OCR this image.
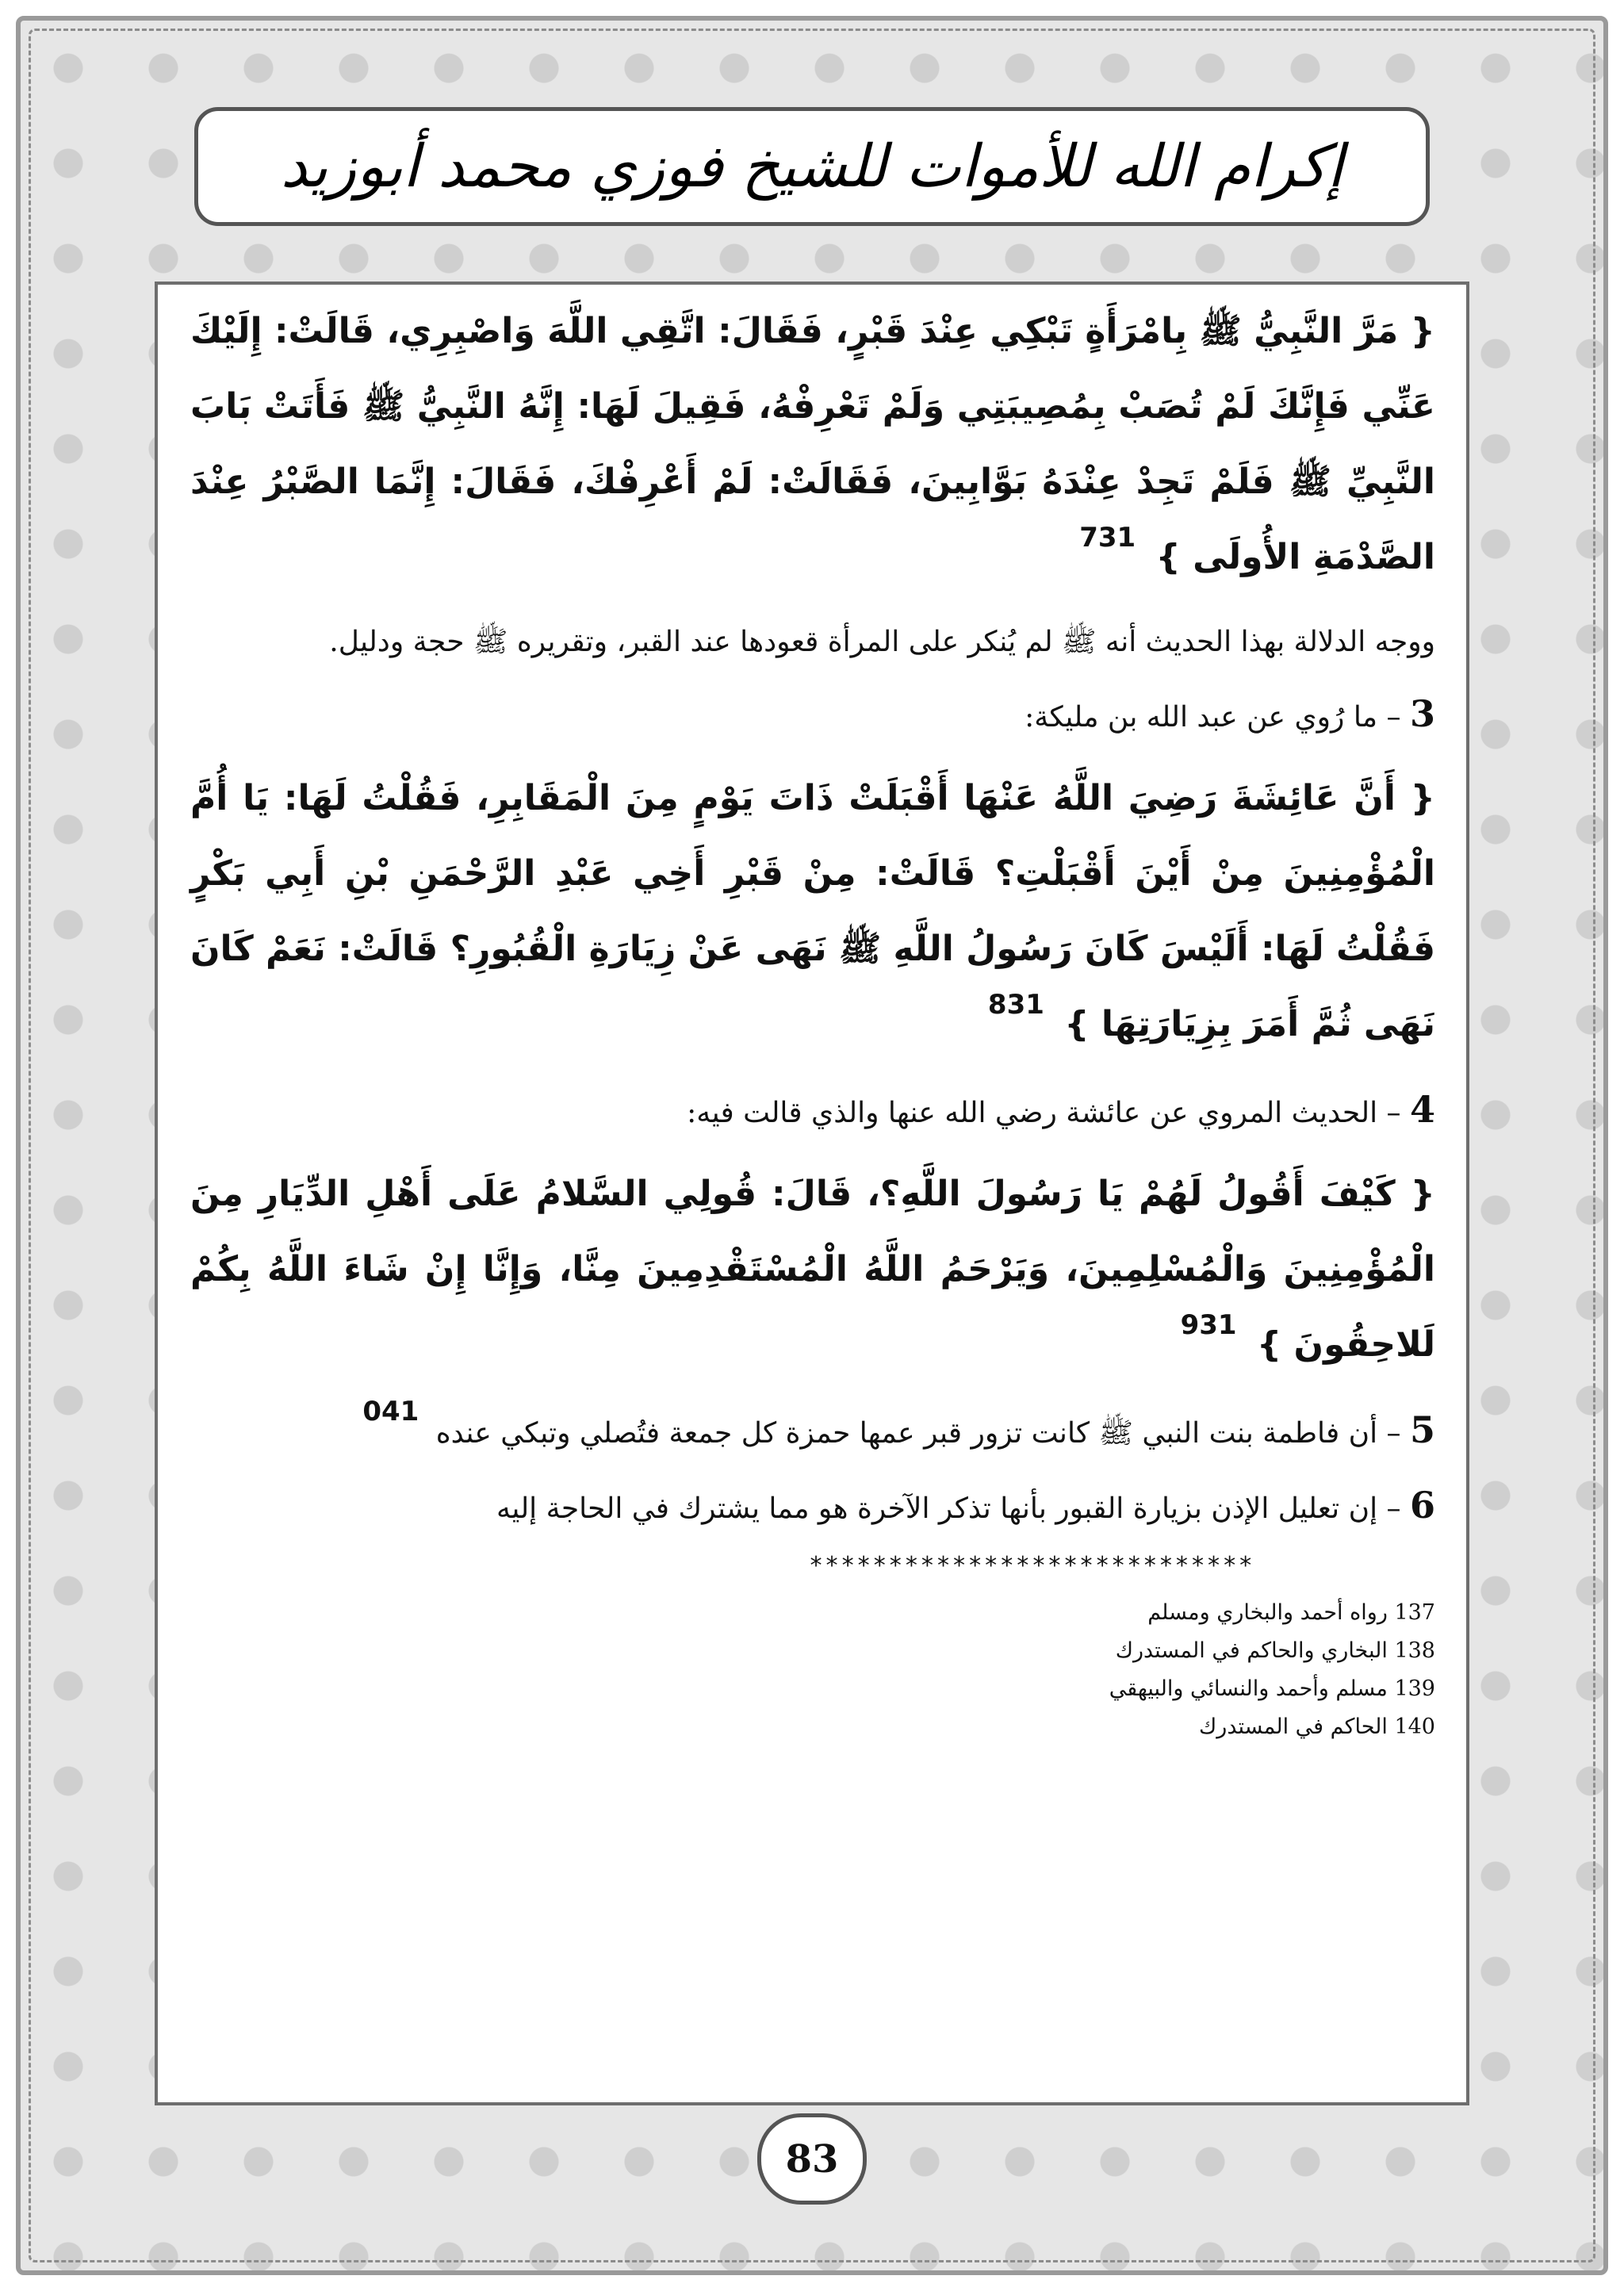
إكرام الله للأموات للشيخ فوزي محمد أبوزيد

{ مَرَّ النَّبِيُّ ﷺ بِامْرَأَةٍ تَبْكِي عِنْدَ قَبْرٍ، فَقَالَ: اتَّقِي اللَّهَ وَاصْبِرِي، قَالَتْ: إِلَيْكَ عَنِّي فَإِنَّكَ لَمْ تُصَبْ بِمُصِيبَتِي وَلَمْ تَعْرِفْهُ، فَقِيلَ لَهَا: إِنَّهُ النَّبِيُّ ﷺ فَأَتَتْ بَابَ النَّبِيِّ ﷺ فَلَمْ تَجِدْ عِنْدَهُ بَوَّابِينَ، فَقَالَتْ: لَمْ أَعْرِفْكَ، فَقَالَ: إِنَّمَا الصَّبْرُ عِنْدَ الصَّدْمَةِ الأُولَى } 731

ووجه الدلالة بهذا الحديث أنه ﷺ لم يُنكر على المرأة قعودها عند القبر، وتقريره ﷺ حجة ودليل.

3 – ما رُوي عن عبد الله بن مليكة:

{ أَنَّ عَائِشَةَ رَضِيَ اللَّهُ عَنْهَا أَقْبَلَتْ ذَاتَ يَوْمٍ مِنَ الْمَقَابِرِ، فَقُلْتُ لَهَا: يَا أُمَّ الْمُؤْمِنِينَ مِنْ أَيْنَ أَقْبَلْتِ؟ قَالَتْ: مِنْ قَبْرِ أَخِي عَبْدِ الرَّحْمَنِ بْنِ أَبِي بَكْرٍ فَقُلْتُ لَهَا: أَلَيْسَ كَانَ رَسُولُ اللَّهِ ﷺ نَهَى عَنْ زِيَارَةِ الْقُبُورِ؟ قَالَتْ: نَعَمْ كَانَ نَهَى ثُمَّ أَمَرَ بِزِيَارَتِهَا } 831

4 – الحديث المروي عن عائشة رضي الله عنها والذي قالت فيه:

{ كَيْفَ أَقُولُ لَهُمْ يَا رَسُولَ اللَّهِ؟، قَالَ: قُولِي السَّلامُ عَلَى أَهْلِ الدِّيَارِ مِنَ الْمُؤْمِنِينَ وَالْمُسْلِمِينَ، وَيَرْحَمُ اللَّهُ الْمُسْتَقْدِمِينَ مِنَّا، وَإِنَّا إِنْ شَاءَ اللَّهُ بِكُمْ لَلاحِقُونَ } 931

5 – أن فاطمة بنت النبي ﷺ كانت تزور قبر عمها حمزة كل جمعة فتُصلي وتبكي عنده 041

6 – إن تعليل الإذن بزيارة القبور بأنها تذكر الآخرة هو مما يشترك في الحاجة إليه

****************************
137 رواه أحمد والبخاري ومسلم
138 البخاري والحاكم في المستدرك
139 مسلم وأحمد والنسائي والبيهقي
140 الحاكم في المستدرك
83
